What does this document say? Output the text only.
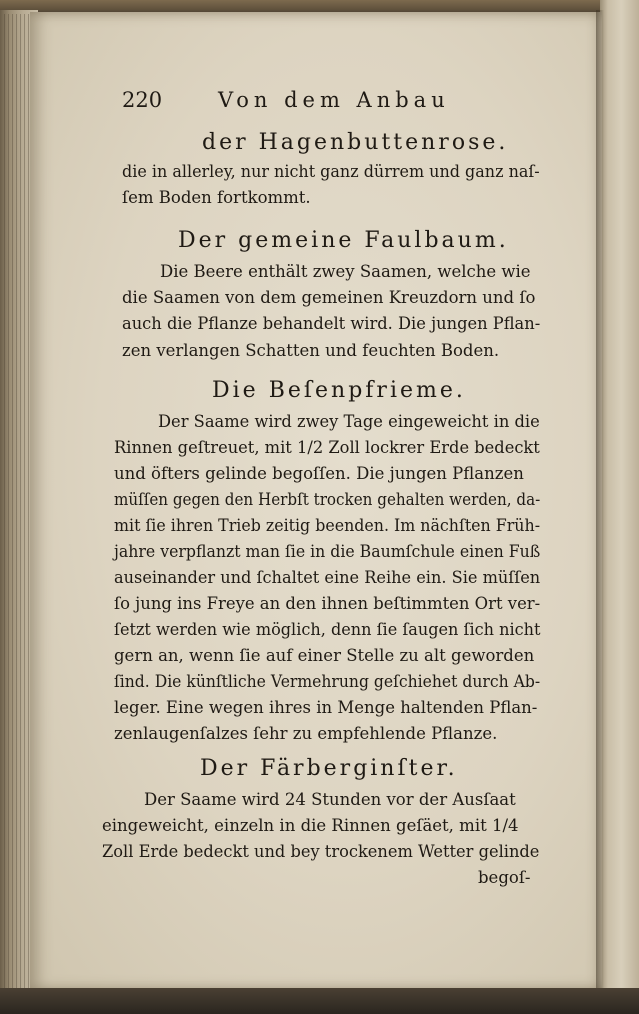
220	Von dem Anbau
der Hagenbuttenrose.
die in allerley, nur nicht ganz dürrem und ganz naſ-
ſem Boden fortkommt.
Der gemeine Faulbaum.
Die Beere enthält zwey Saamen, welche wie
die Saamen von dem gemeinen Kreuzdorn und ſo
auch die Pflanze behandelt wird. Die jungen Pflan-
zen verlangen Schatten und feuchten Boden.
Die Beſenpfrieme.
Der Saame wird zwey Tage eingeweicht in die
Rinnen geſtreuet, mit 1/2 Zoll lockrer Erde bedeckt
und öfters gelinde begoſſen. Die jungen Pflanzen
müſſen gegen den Herbſt trocken gehalten werden, da-
mit ſie ihren Trieb zeitig beenden. Im nächſten Früh-
jahre verpflanzt man ſie in die Baumſchule einen Fuß
auseinander und ſchaltet eine Reihe ein. Sie müſſen
ſo jung ins Freye an den ihnen beſtimmten Ort ver-
ſetzt werden wie möglich, denn ſie ſaugen ſich nicht
gern an, wenn ſie auf einer Stelle zu alt geworden
ſind. Die künſtliche Vermehrung geſchiehet durch Ab-
leger. Eine wegen ihres in Menge haltenden Pflan-
zenlaugenſalzes ſehr zu empfehlende Pflanze.
Der Färberginſter.
Der Saame wird 24 Stunden vor der Ausſaat
eingeweicht, einzeln in die Rinnen geſäet, mit 1/4
Zoll Erde bedeckt und bey trockenem Wetter gelinde
begoſ-
